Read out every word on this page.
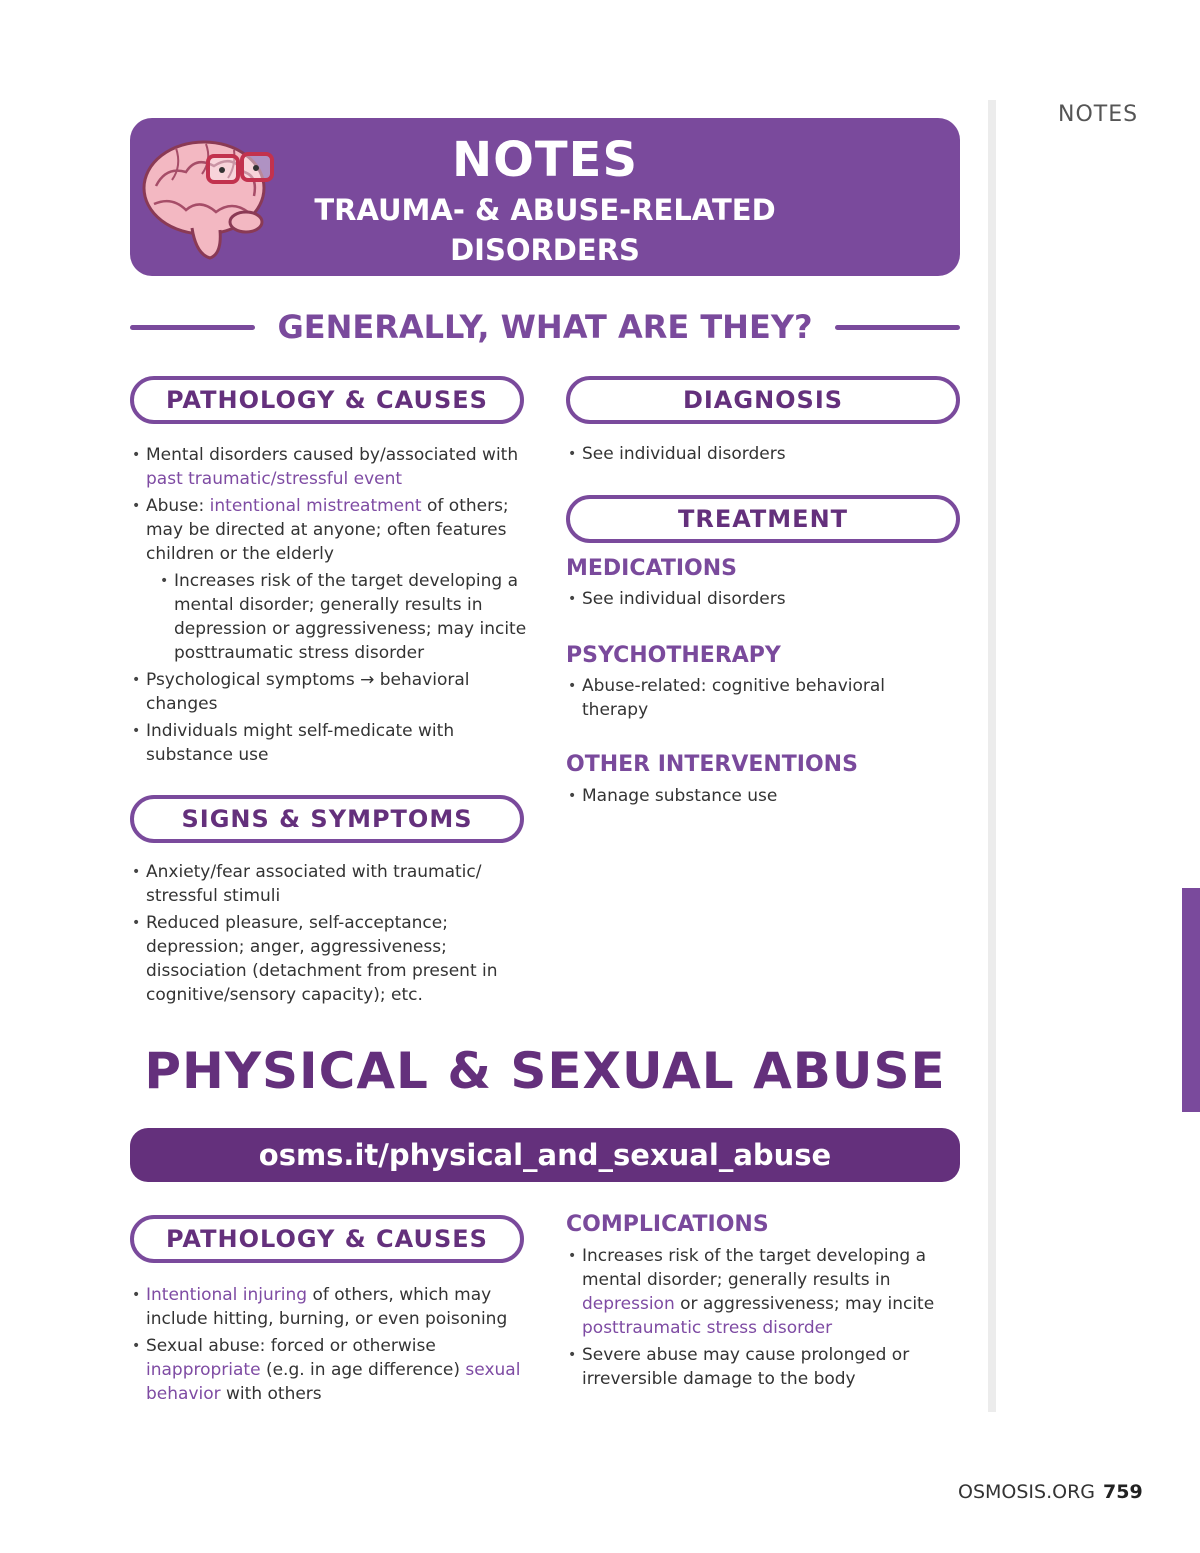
NOTES
NOTES
TRAUMA- & ABUSE-RELATED DISORDERS
GENERALLY, WHAT ARE THEY?
PATHOLOGY & CAUSES
• Mental disorders caused by/associated with past traumatic/stressful event
• Abuse: intentional mistreatment of others; may be directed at anyone; often features children or the elderly
• Increases risk of the target developing a mental disorder; generally results in depression or aggressiveness; may incite posttraumatic stress disorder
• Psychological symptoms → behavioral changes
• Individuals might self-medicate with substance use
SIGNS & SYMPTOMS
• Anxiety/fear associated with traumatic/ stressful stimuli
• Reduced pleasure, self-acceptance; depression; anger, aggressiveness; dissociation (detachment from present in cognitive/sensory capacity); etc.
DIAGNOSIS
• See individual disorders
TREATMENT
MEDICATIONS
• See individual disorders
PSYCHOTHERAPY
• Abuse-related: cognitive behavioral therapy
OTHER INTERVENTIONS
• Manage substance use
PHYSICAL & SEXUAL ABUSE
osms.it/physical_and_sexual_abuse
PATHOLOGY & CAUSES
• Intentional injuring of others, which may include hitting, burning, or even poisoning
• Sexual abuse: forced or otherwise inappropriate (e.g. in age difference) sexual behavior with others
COMPLICATIONS
• Increases risk of the target developing a mental disorder; generally results in depression or aggressiveness; may incite posttraumatic stress disorder
• Severe abuse may cause prolonged or irreversible damage to the body
OSMOSIS.ORG 759
